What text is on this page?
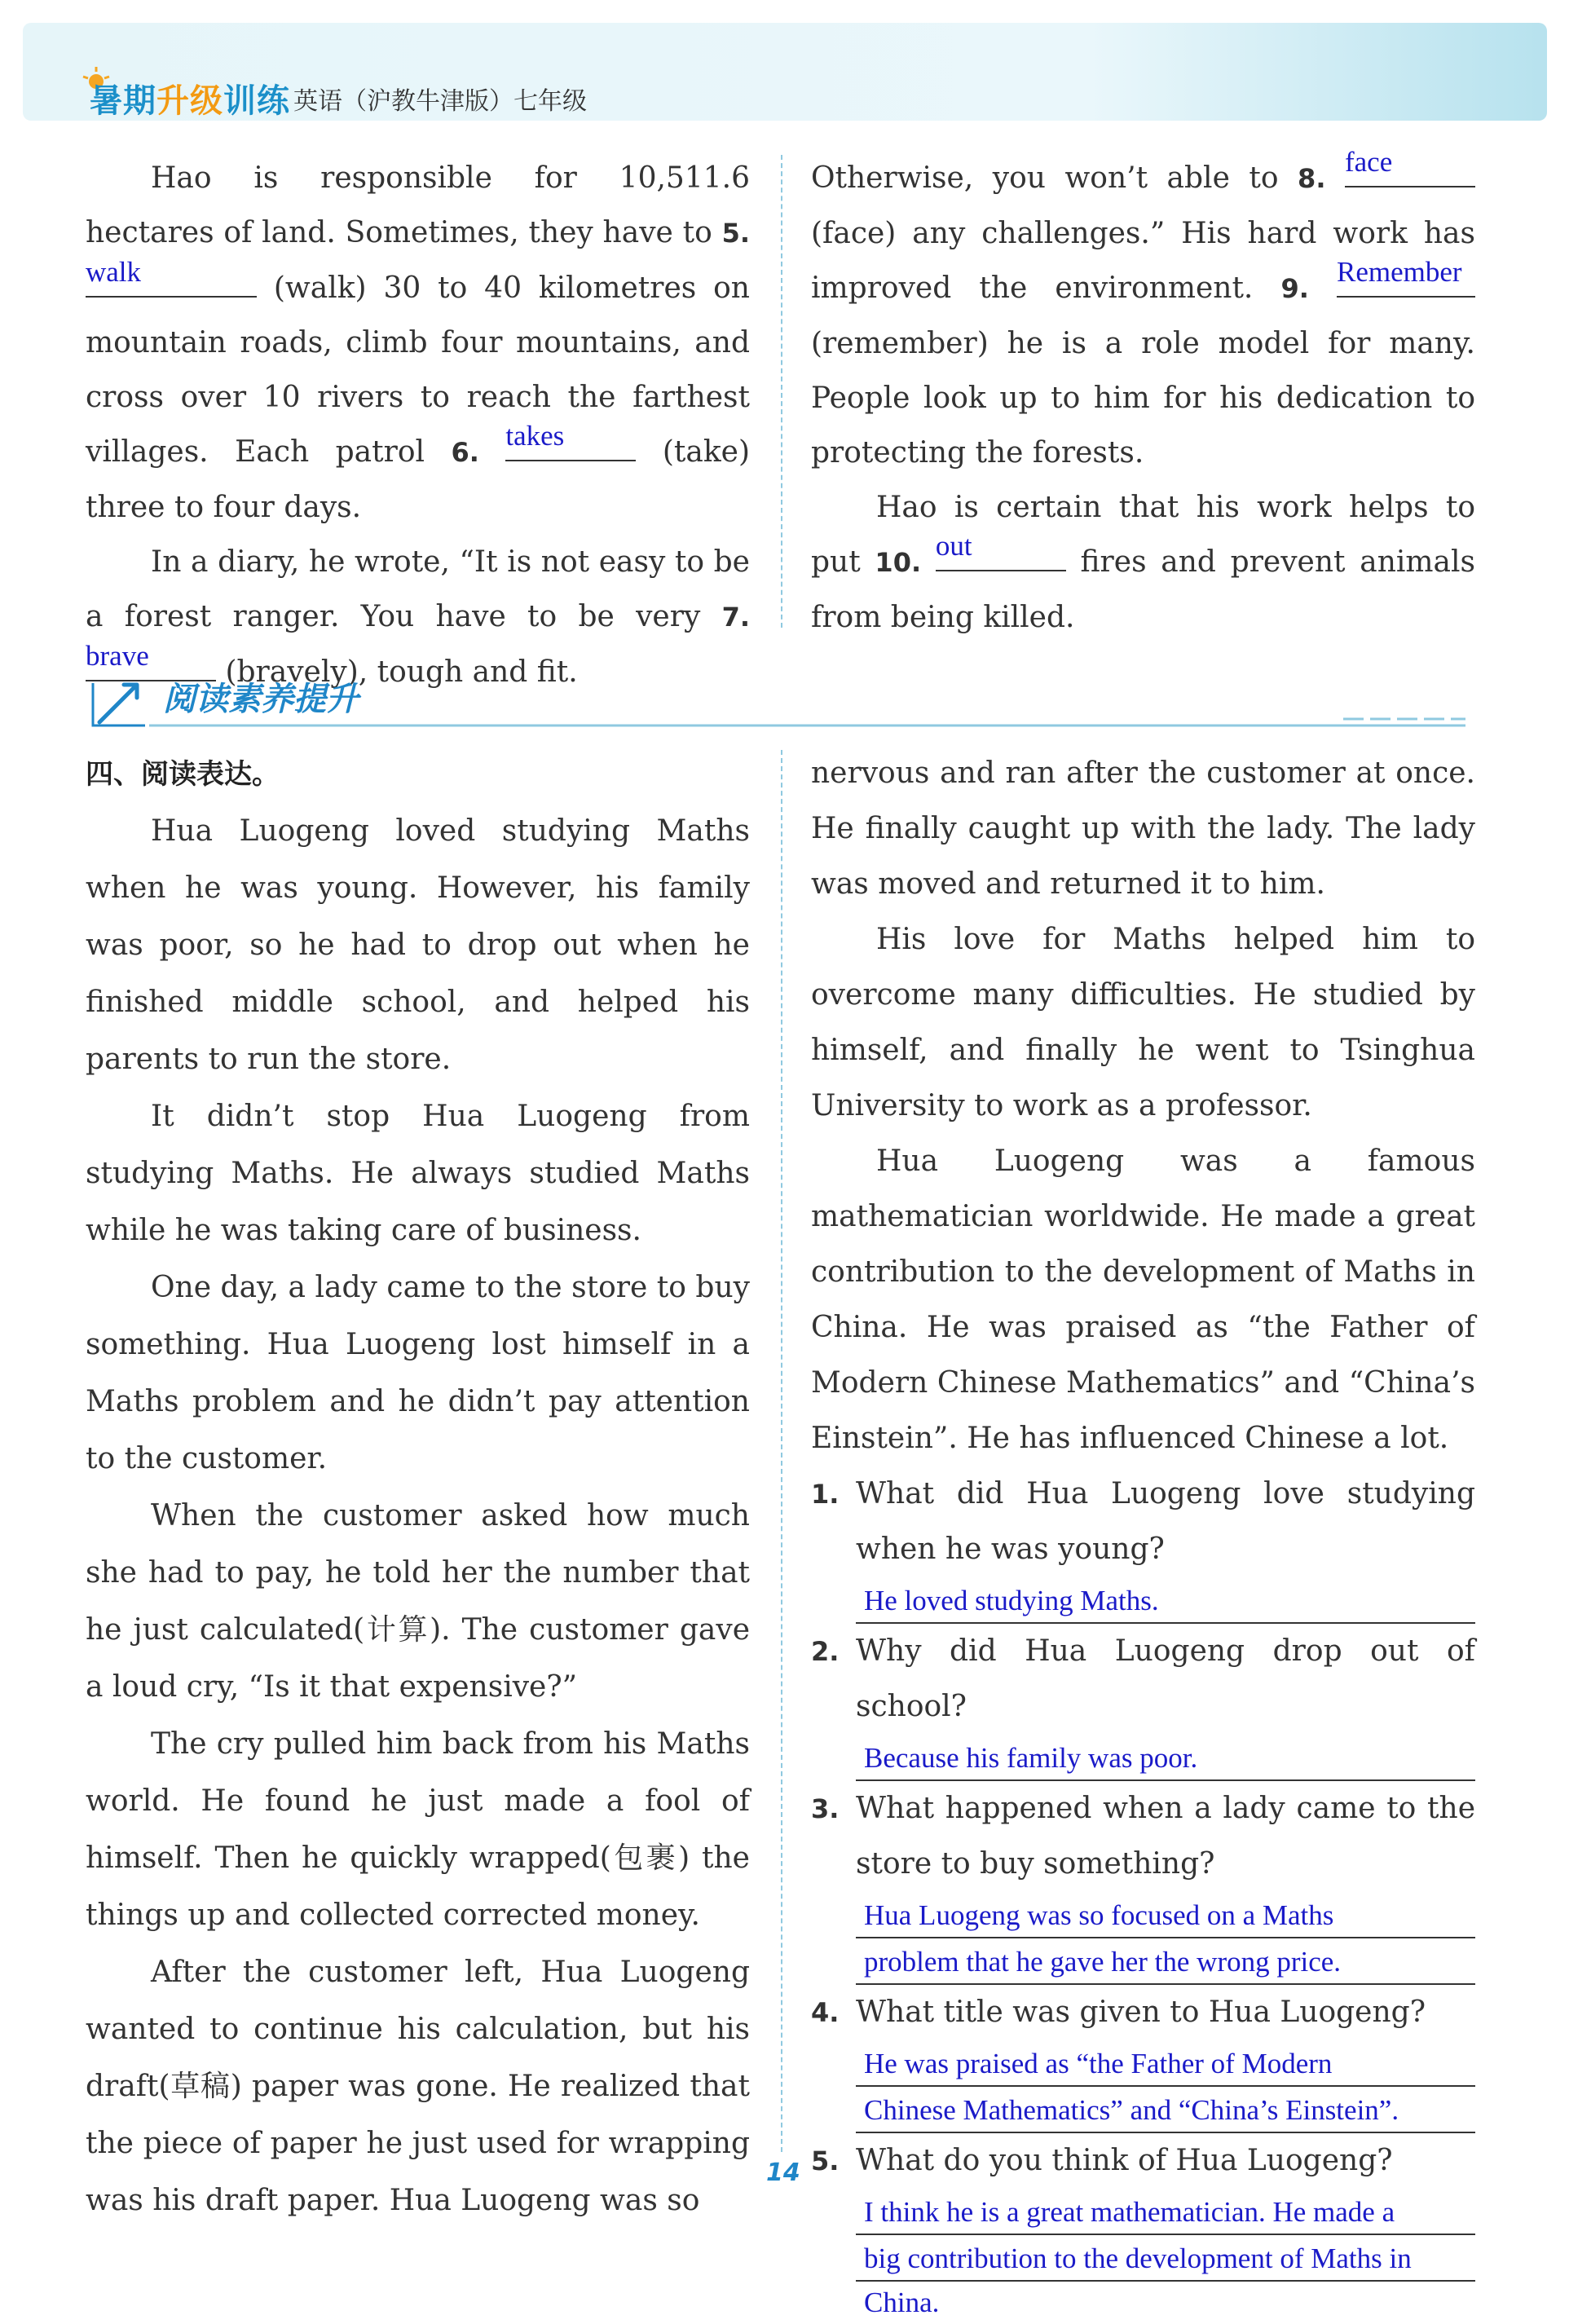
暑期升级训练 英语（沪教牛津版）七年级

Hao is responsible for 10,511.6 hectares of land. Sometimes, they have to 5.
walk	(walk) 30 to 40 kilometres on mountain roads, climb four mountains, and cross over 10 rivers to reach the farthest villages. Each patrol 6.
takes	(take) three to four days.

In a diary, he wrote, “It is not easy to be a forest ranger. You have to be very 7.
brave	(bravely), tough and fit.

Otherwise, you won’t able to 8.
face
(face) any challenges.” His hard work has improved the environment. 9.
Remember
(remember) he is a role model for many. People look up to him for his dedication to protecting the forests.

Hao is certain that his work helps to put 10.
out	fires and prevent animals from being killed.

阅读素养提升

四、阅读表达。

Hua Luogeng loved studying Maths when he was young. However, his family was poor, so he had to drop out when he finished middle school, and helped his parents to run the store.

It didn’t stop Hua Luogeng from studying Maths. He always studied Maths while he was taking care of business.

One day, a lady came to the store to buy something. Hua Luogeng lost himself in a Maths problem and he didn’t pay attention to the customer.

When the customer asked how much she had to pay, he told her the number that he just calculated(计算). The customer gave a loud cry, “Is it that expensive?”

The cry pulled him back from his Maths world. He found he just made a fool of himself. Then he quickly wrapped(包裹) the things up and collected corrected money.

After the customer left, Hua Luogeng wanted to continue his calculation, but his draft(草稿) paper was gone. He realized that the piece of paper he just used for wrapping was his draft paper. Hua Luogeng was so

nervous and ran after the customer at once. He finally caught up with the lady. The lady was moved and returned it to him.

His love for Maths helped him to overcome many difficulties. He studied by himself, and finally he went to Tsinghua University to work as a professor.

Hua Luogeng was a famous mathematician worldwide. He made a great contribution to the development of Maths in China. He was praised as “the Father of Modern Chinese Mathematics” and “China’s Einstein”. He has influenced Chinese a lot.

1. What did Hua Luogeng love studying when he was young?

He loved studying Maths.

2. Why did Hua Luogeng drop out of school?

Because his family was poor.

3. What happened when a lady came to the store to buy something?

Hua Luogeng was so focused on a Maths
problem that he gave her the wrong price.

4. What title was given to Hua Luogeng?

He was praised as “the Father of Modern
Chinese Mathematics” and “China’s Einstein”.

5. What do you think of Hua Luogeng?

I think he is a great mathematician. He made a
big contribution to the development of Maths in
China.
14
